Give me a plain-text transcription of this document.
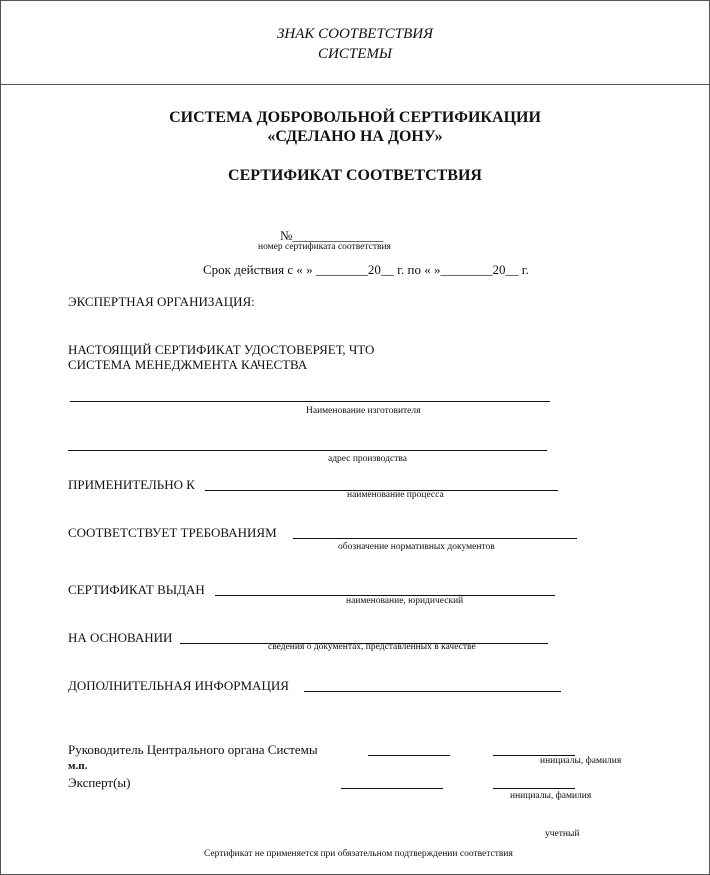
ЗНАК СООТВЕТСТВИЯ
СИСТЕМЫ
СИСТЕМА ДОБРОВОЛЬНОЙ СЕРТИФИКАЦИИ
«СДЕЛАНО НА ДОНУ»
СЕРТИФИКАТ СООТВЕТСТВИЯ
№______________
номер сертификата соответствия
Срок действия с « » ________20__ г. по « »________20__ г.
ЭКСПЕРТНАЯ ОРГАНИЗАЦИЯ:
НАСТОЯЩИЙ СЕРТИФИКАТ УДОСТОВЕРЯЕТ, ЧТО
СИСТЕМА МЕНЕДЖМЕНТА КАЧЕСТВА
Наименование изготовителя
адрес производства
ПРИМЕНИТЕЛЬНО К
наименование процесса
СООТВЕТСТВУЕТ ТРЕБОВАНИЯМ
обозначение нормативных документов
СЕРТИФИКАТ ВЫДАН
наименование, юридический
НА ОСНОВАНИИ
сведения о документах, представленных в качестве
ДОПОЛНИТЕЛЬНАЯ ИНФОРМАЦИЯ
Руководитель Центрального органа Системы
инициалы, фамилия
м.п.
Эксперт(ы)
инициалы, фамилия
учетный
Сертификат не применяется при обязательном подтверждении соответствия
